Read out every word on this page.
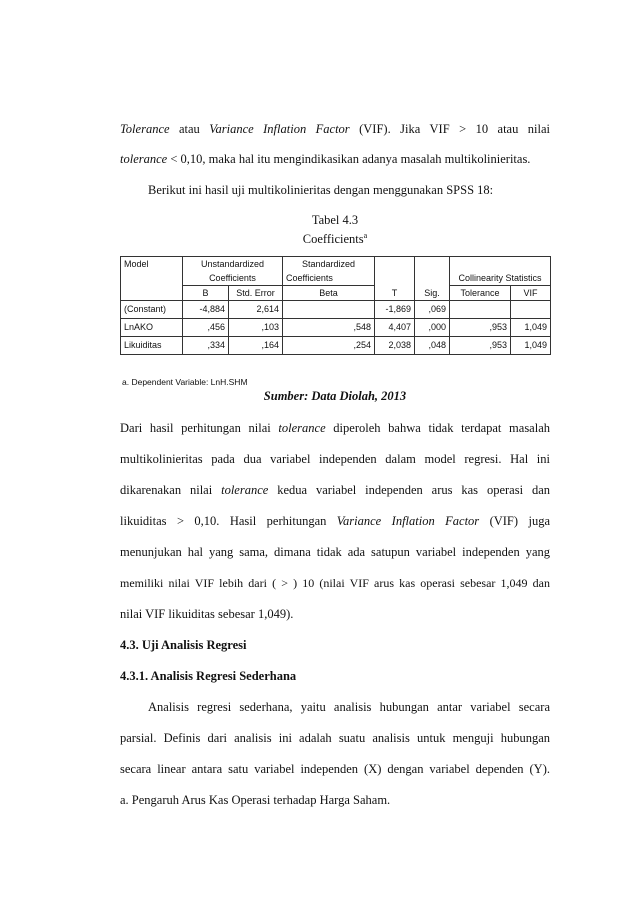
Tolerance atau Variance Inflation Factor (VIF). Jika VIF > 10 atau nilai
tolerance < 0,10, maka hal itu mengindikasikan adanya masalah multikolinieritas.
Berikut ini hasil uji multikolinieritas dengan menggunakan SPSS 18:
Tabel 4.3
Coefficients$^a$
Model	Unstandardized		Standardized				
	Coefficients		Coefficients			Collinearity Statistics	
	B	Std. Error	Beta	T	Sig.	Tolerance	VIF
(Constant)	-4,884	2,614		-1,869	,069		
LnAKO	,456	,103	,548	4,407	,000	,953	1,049
Likuiditas	,334	,164	,254	2,038	,048	,953	1,049
a. Dependent Variable: LnH.SHM
Sumber: Data Diolah, 2013
Dari hasil perhitungan nilai tolerance diperoleh bahwa tidak terdapat masalah
multikolinieritas pada dua variabel independen dalam model regresi. Hal ini
dikarenakan nilai tolerance kedua variabel independen arus kas operasi dan
likuiditas > 0,10. Hasil perhitungan Variance Inflation Factor (VIF) juga
menunjukan hal yang sama, dimana tidak ada satupun variabel independen yang
memiliki nilai VIF lebih dari ( > ) 10 (nilai VIF arus kas operasi sebesar 1,049 dan
nilai VIF likuiditas sebesar 1,049).
4.3. Uji Analisis Regresi
4.3.1. Analisis Regresi Sederhana
Analisis regresi sederhana, yaitu analisis hubungan antar variabel secara
parsial. Definis dari analisis ini adalah suatu analisis untuk menguji hubungan
secara linear antara satu variabel independen (X) dengan variabel dependen (Y).
a. Pengaruh Arus Kas Operasi terhadap Harga Saham.
